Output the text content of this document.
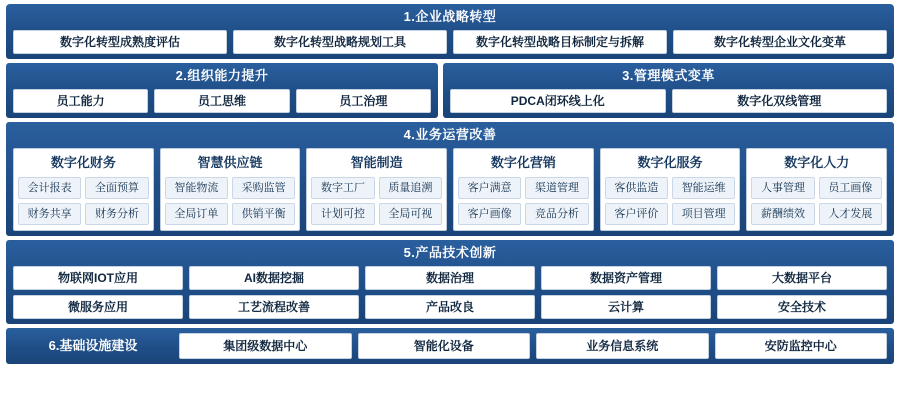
1.企业战略转型
数字化转型成熟度评估	数字化转型战略规划工具	数字化转型战略目标制定与拆解	数字化转型企业文化变革
2.组织能力提升
员工能力	员工思维	员工治理
3.管理模式变革
PDCA闭环线上化	数字化双线管理
4.业务运营改善
数字化财务
会计报表	全面预算
财务共享	财务分析
智慧供应链
智能物流	采购监管
全局订单	供销平衡
智能制造
数字工厂	质量追溯
计划可控	全局可视
数字化营销
客户满意	渠道管理
客户画像	竞品分析
数字化服务
客供监造	智能运维
客户评价	项目管理
数字化人力
人事管理	员工画像
薪酬绩效	人才发展
5.产品技术创新
物联网IOT应用	AI数据挖掘	数据治理	数据资产管理	大数据平台
微服务应用	工艺流程改善	产品改良	云计算	安全技术
6.基础设施建设	集团级数据中心	智能化设备	业务信息系统	安防监控中心
